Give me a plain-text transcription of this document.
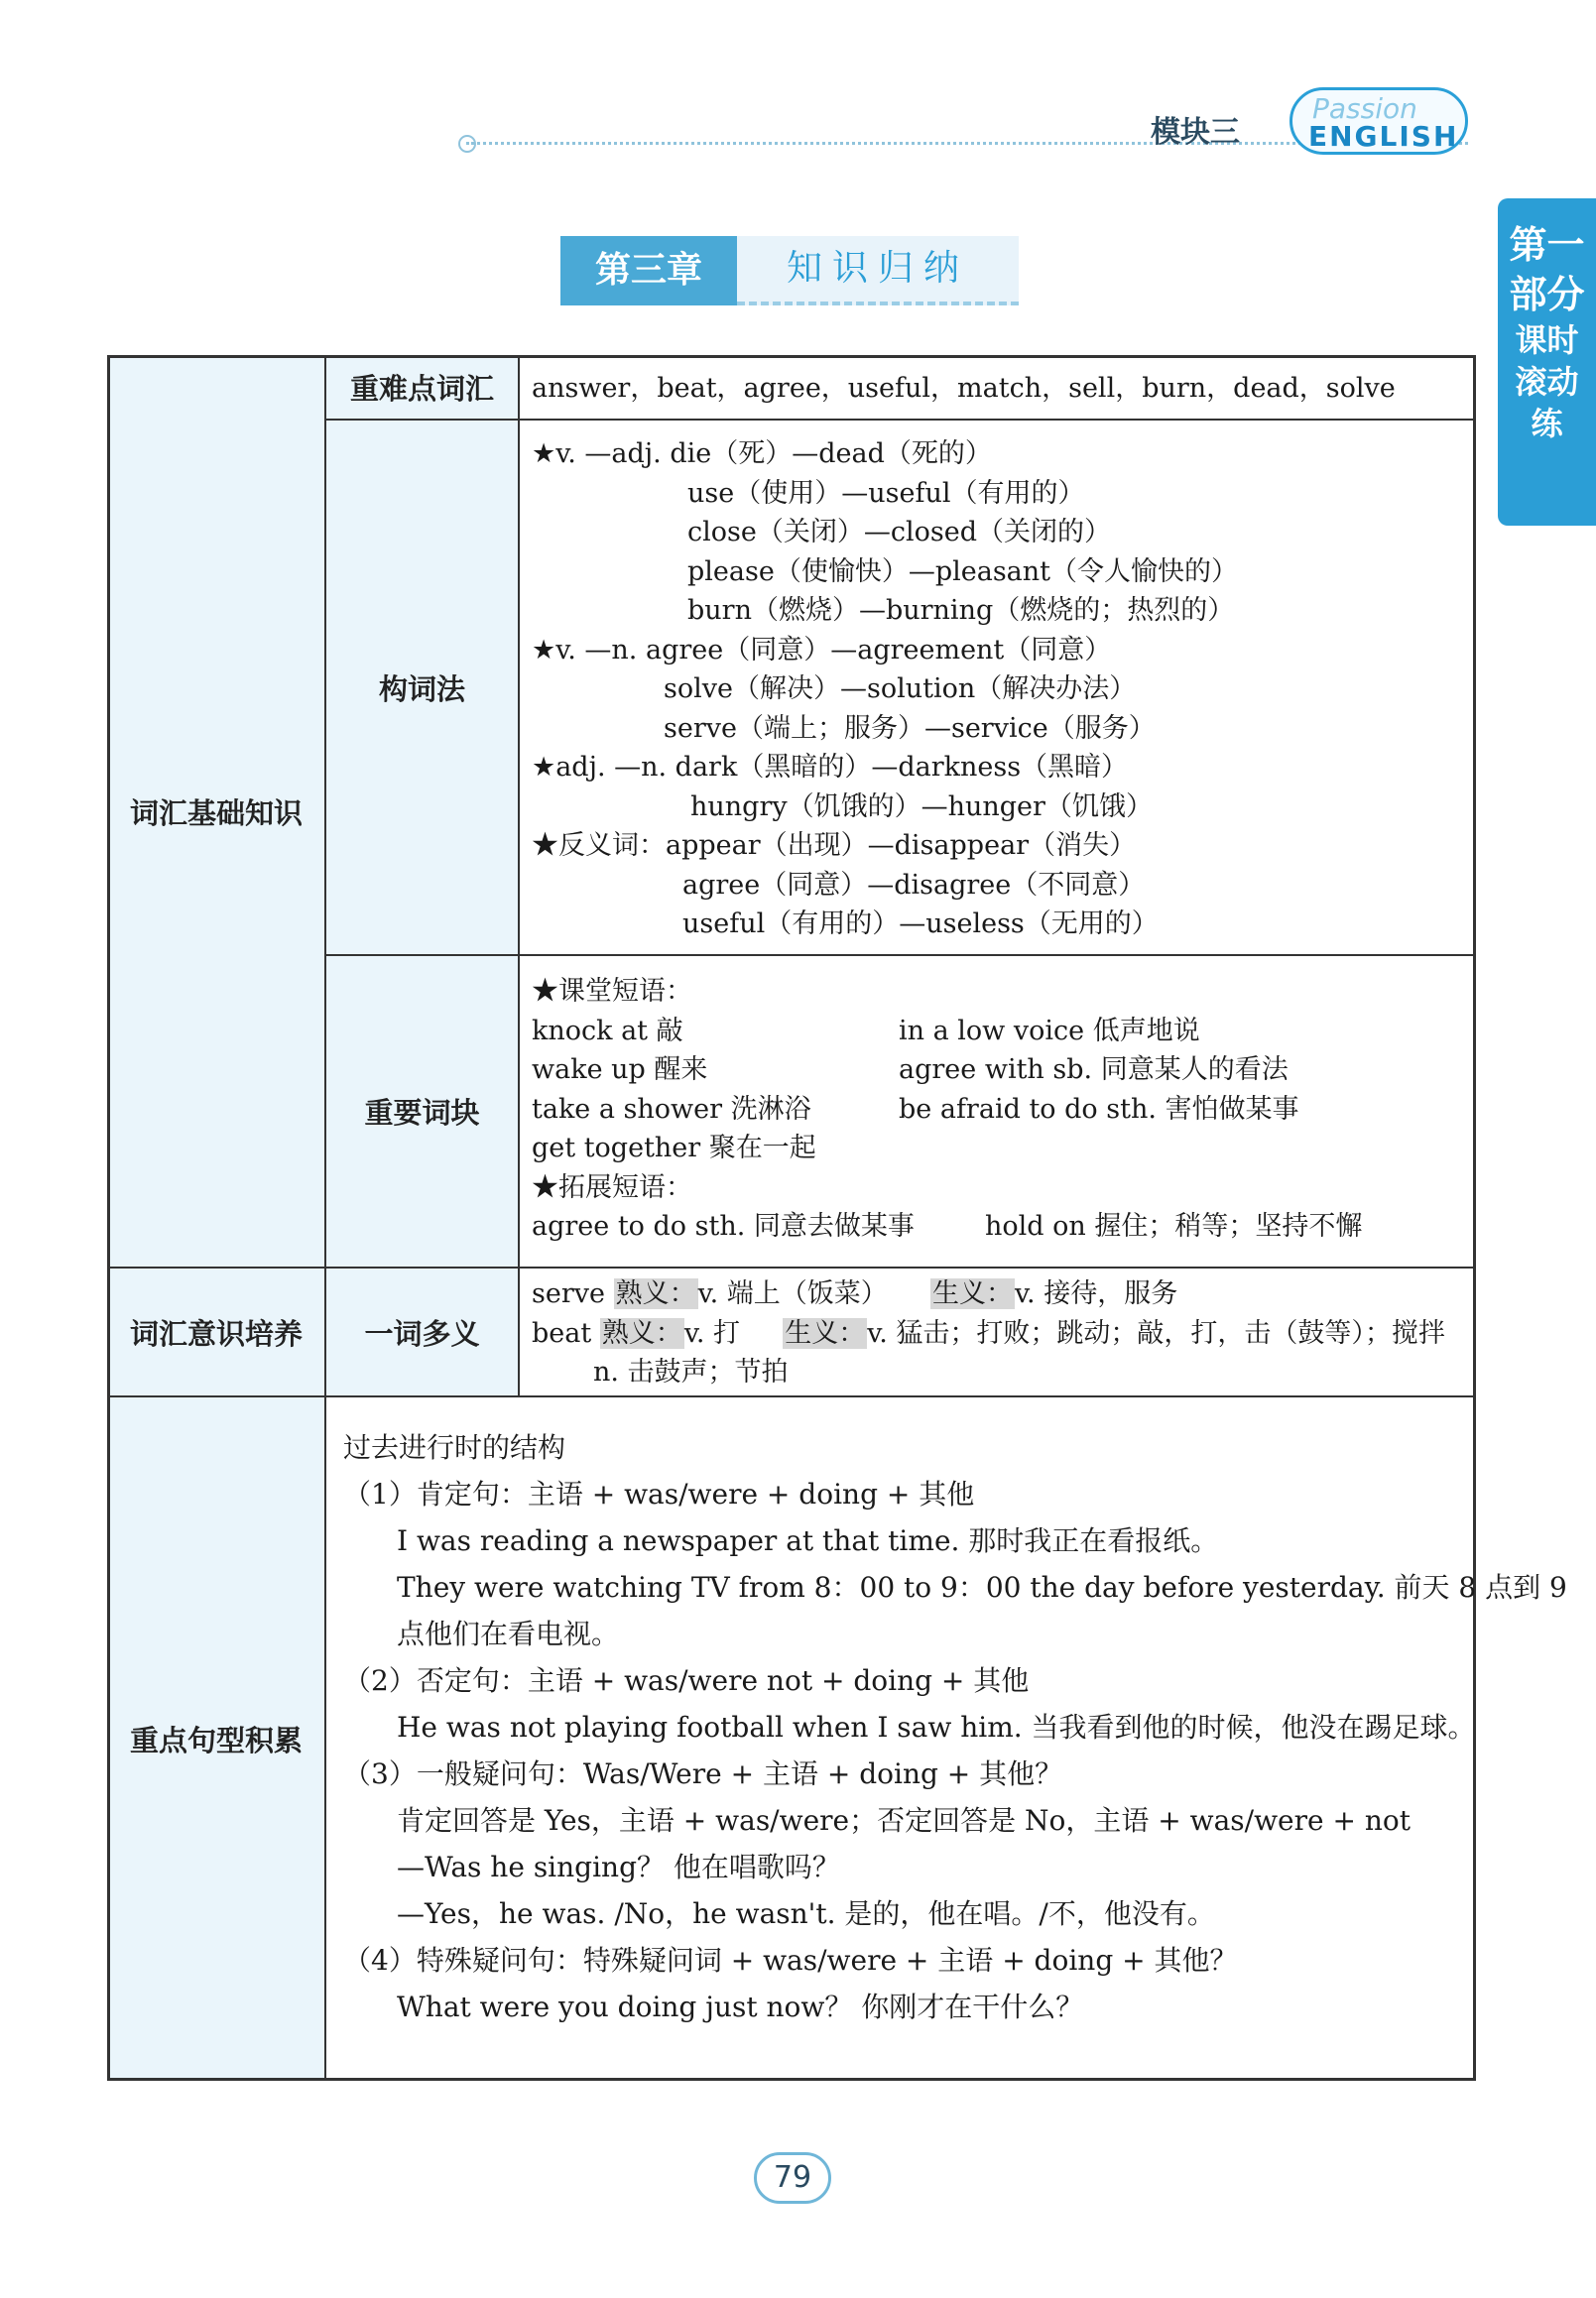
模块三
Passion
ENGLISH
第一
部分
课时
滚动
练
第三章	知识归纳
词汇基础知识
词汇意识培养
重点句型积累
重难点词汇
构词法
重要词块
一词多义
answer，beat，agree，useful，match，sell，burn，dead，solve
★v. —adj. die（死）—dead（死的）
use（使用）—useful（有用的）
close（关闭）—closed（关闭的）
please（使愉快）—pleasant（令人愉快的）
burn（燃烧）—burning（燃烧的；热烈的）
★v. —n. agree（同意）—agreement（同意）
solve（解决）—solution（解决办法）
serve（端上；服务）—service（服务）
★adj. —n. dark（黑暗的）—darkness（黑暗）
hungry（饥饿的）—hunger（饥饿）
★反义词：appear（出现）—disappear（消失）
agree（同意）—disagree（不同意）
useful（有用的）—useless（无用的）
★课堂短语：
knock at 敲
wake up 醒来
take a shower 洗淋浴
get together 聚在一起
in a low voice 低声地说
agree with sb. 同意某人的看法
be afraid to do sth. 害怕做某事
★拓展短语：
agree to do sth. 同意去做某事	hold on 握住；稍等；坚持不懈
serve 熟义：v. 端上（饭菜） 生义：v. 接待，服务
beat 熟义：v. 打 生义：v. 猛击；打败；跳动；敲，打，击（鼓等）；搅拌
n. 击鼓声；节拍
过去进行时的结构
（1）肯定句：主语 + was/were + doing + 其他
I was reading a newspaper at that time. 那时我正在看报纸。
They were watching TV from 8：00 to 9：00 the day before yesterday. 前天 8 点到 9
点他们在看电视。
（2）否定句：主语 + was/were not + doing + 其他
He was not playing football when I saw him. 当我看到他的时候，他没在踢足球。
（3）一般疑问句：Was/Were + 主语 + doing + 其他？
肯定回答是 Yes，主语 + was/were；否定回答是 No，主语 + was/were + not
—Was he singing？ 他在唱歌吗？
—Yes，he was. /No，he wasn't. 是的，他在唱。/不，他没有。
（4）特殊疑问句：特殊疑问词 + was/were + 主语 + doing + 其他？
What were you doing just now？ 你刚才在干什么？
79
